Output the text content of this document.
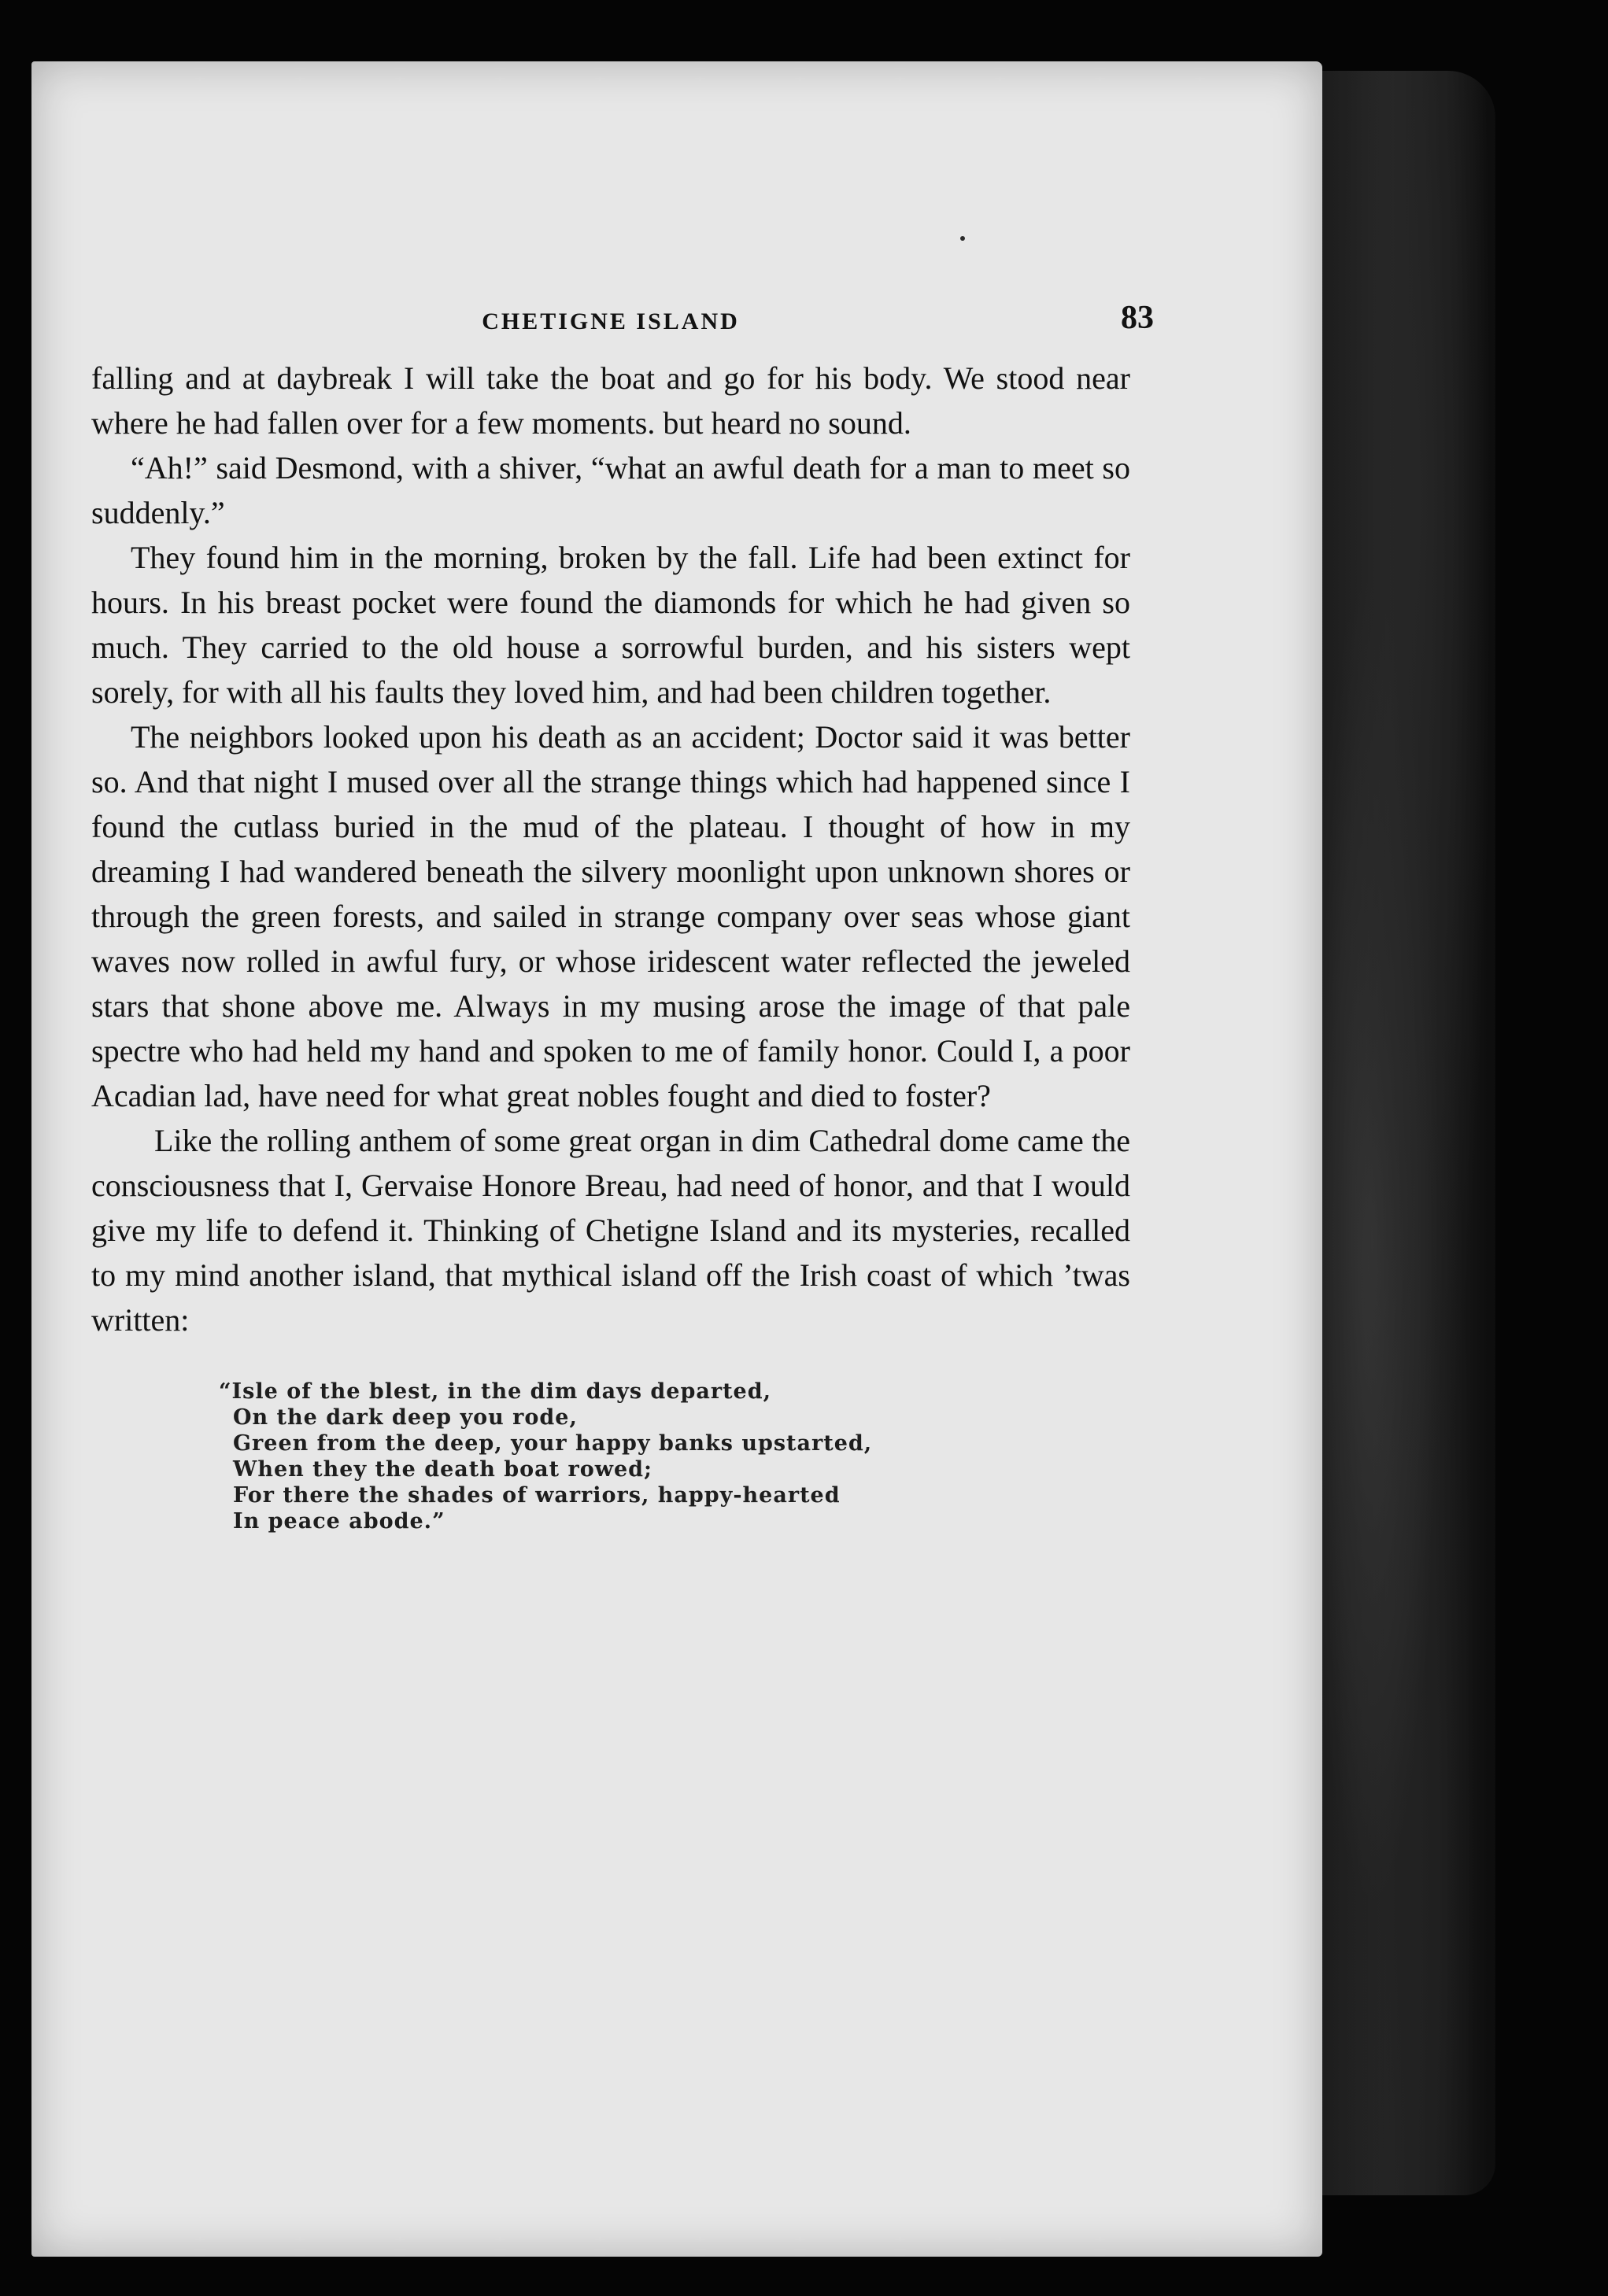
CHETIGNE ISLAND	83

falling and at daybreak I will take the boat and go for his body. We stood near where he had fallen over for a few moments. but heard no sound.

“Ah!” said Desmond, with a shiver, “what an awful death for a man to meet so suddenly.”

They found him in the morning, broken by the fall. Life had been extinct for hours. In his breast pocket were found the diamonds for which he had given so much. They carried to the old house a sorrowful burden, and his sisters wept sorely, for with all his faults they loved him, and had been children together.

The neighbors looked upon his death as an accident; Doctor said it was better so. And that night I mused over all the strange things which had happened since I found the cutlass buried in the mud of the plateau. I thought of how in my dreaming I had wandered beneath the silvery moonlight upon unknown shores or through the green forests, and sailed in strange company over seas whose giant waves now rolled in awful fury, or whose iridescent water reflected the jeweled stars that shone above me. Always in my musing arose the image of that pale spectre who had held my hand and spoken to me of family honor. Could I, a poor Acadian lad, have need for what great nobles fought and died to foster?

Like the rolling anthem of some great organ in dim Cathedral dome came the consciousness that I, Gervaise Honore Breau, had need of honor, and that I would give my life to defend it. Thinking of Chetigne Island and its mysteries, recalled to my mind another island, that mythical island off the Irish coast of which ’twas written:

“Isle of the blest, in the dim days departed,
On the dark deep you rode,
Green from the deep, your happy banks upstarted,
When they the death boat rowed;
For there the shades of warriors, happy-hearted
In peace abode.”
